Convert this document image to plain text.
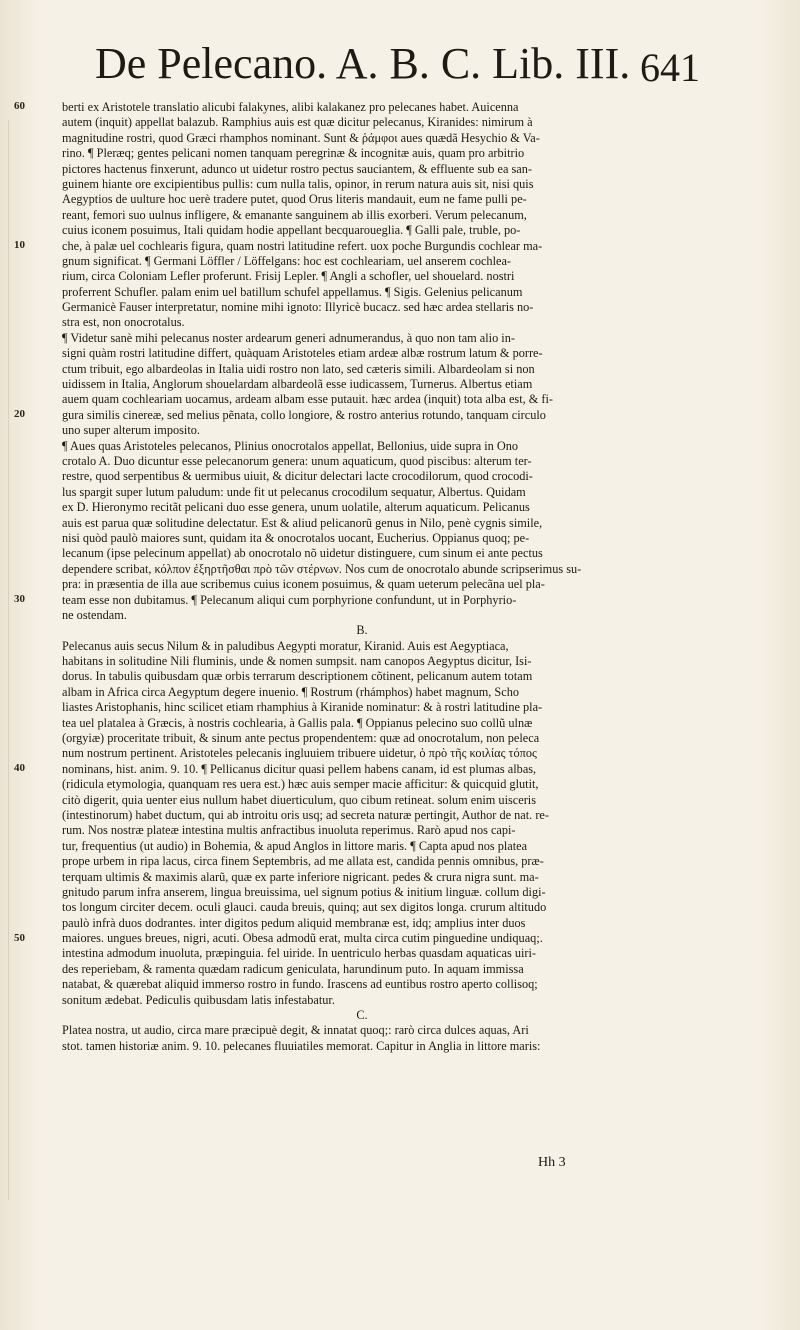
De Pelecano. A. B. C. Lib. III. 641
berti ex Aristotele translatio alicubi falakynes, alibi kalakanez pro pelecanes habet. Auicenna
autem (inquit) appellat balazub. Ramphius auis est quæ dicitur pelecanus, Kiranides: nimirum à
magnitudine rostri, quod Græci rhamphos nominant. Sunt & ῥάμφοι aues quædã Hesychio & Va-
rino. ¶ Pleræq; gentes pelicani nomen tanquam peregrinæ & incognitæ auis, quam pro arbitrio
pictores hactenus finxerunt, adunco ut uidetur rostro pectus sauciantem, & effluente sub ea san-
guinem hiante ore excipientibus pullis: cum nulla talis, opinor, in rerum natura auis sit, nisi quis
Aegyptios de uulture hoc uerè tradere putet, quod Orus literis mandauit, eum ne fame pulli pe-
reant, femori suo uulnus infligere, & emanante sanguinem ab illis exorberi. Verum pelecanum,
cuius iconem posuimus, Itali quidam hodie appellant becquaroueglia. ¶ Galli pale, truble, po-
che, à palæ uel cochlearis figura, quam nostri latitudine refert. uox poche Burgundis cochlear ma-
gnum significat. ¶ Germani Löffler / Löffelgans: hoc est cochleariam, uel anserem cochlea-
rium, circa Coloniam Lefler proferunt. Frisij Lepler. ¶ Angli a schofler, uel shouelard. nostri
proferrent Schufler. palam enim uel batillum schufel appellamus. ¶ Sigis. Gelenius pelicanum
Germanicè Fauser interpretatur, nomine mihi ignoto: Illyricè bucacz. sed hæc ardea stellaris no-
stra est, non onocrotalus.
¶ Videtur sanè mihi pelecanus noster ardearum generi adnumerandus, à quo non tam alio in-
signi quàm rostri latitudine differt, quàquam Aristoteles etiam ardeæ albæ rostrum latum & porre-
ctum tribuit, ego albardeolas in Italia uidi rostro non lato, sed cæteris simili. Albardeolam si non
uidissem in Italia, Anglorum shouelardam albardeolã esse iudicassem, Turnerus. Albertus etiam
auem quam cochleariam uocamus, ardeam albam esse putauit. hæc ardea (inquit) tota alba est, & fi-
gura similis cinereæ, sed melius pẽnata, collo longiore, & rostro anterius rotundo, tanquam circulo
uno super alterum imposito.
¶ Aues quas Aristoteles pelecanos, Plinius onocrotalos appellat, Bellonius, uide supra in Ono
crotalo A. Duo dicuntur esse pelecanorum genera: unum aquaticum, quod piscibus: alterum ter-
restre, quod serpentibus & uermibus uiuit, & dicitur delectari lacte crocodilorum, quod crocodi-
lus spargit super lutum paludum: unde fit ut pelecanus crocodilum sequatur, Albertus. Quidam
ex D. Hieronymo recitãt pelicani duo esse genera, unum uolatile, alterum aquaticum. Pelicanus
auis est parua quæ solitudine delectatur. Est & aliud pelicanorũ genus in Nilo, penè cygnis simile,
nisi quòd paulò maiores sunt, quidam ita & onocrotalos uocant, Eucherius. Oppianus quoq; pe-
lecanum (ipse pelecinum appellat) ab onocrotalo nõ uidetur distinguere, cum sinum ei ante pectus
dependere scribat, κόλπον ἐξηρτῆσθαι πρὸ τῶν στέρνων. Nos cum de onocrotalo abunde scripserimus su-
pra: in præsentia de illa aue scribemus cuius iconem posuimus, & quam ueterum pelecãna uel pla-
team esse non dubitamus. ¶ Pelecanum aliqui cum porphyrione confundunt, ut in Porphyrio-
ne ostendam.
B.
Pelecanus auis secus Nilum & in paludibus Aegypti moratur, Kiranid. Auis est Aegyptiaca,
habitans in solitudine Nili fluminis, unde & nomen sumpsit. nam canopos Aegyptus dicitur, Isi-
dorus. In tabulis quibusdam quæ orbis terrarum descriptionem cõtinent, pelicanum autem totam
albam in Africa circa Aegyptum degere inuenio. ¶ Rostrum (rhámphos) habet magnum, Scho
liastes Aristophanis, hinc scilicet etiam rhamphius à Kiranide nominatur: & à rostri latitudine pla-
tea uel platalea à Græcis, à nostris cochlearia, à Gallis pala. ¶ Oppianus pelecino suo collũ ulnæ
(orgyiæ) proceritate tribuit, & sinum ante pectus propendentem: quæ ad onocrotalum, non peleca
num nostrum pertinent. Aristoteles pelecanis ingluuiem tribuere uidetur, ὁ πρὸ τῆς κοιλίας τόπος
nominans, hist. anim. 9. 10. ¶ Pellicanus dicitur quasi pellem habens canam, id est plumas albas,
(ridicula etymologia, quanquam res uera est.) hæc auis semper macie afficitur: & quicquid glutit,
citò digerit, quia uenter eius nullum habet diuerticulum, quo cibum retineat. solum enim uisceris
(intestinorum) habet ductum, qui ab introitu oris usq; ad secreta naturæ pertingit, Author de nat. re-
rum. Nos nostræ plateæ intestina multis anfractibus inuoluta reperimus. Rarò apud nos capi-
tur, frequentius (ut audio) in Bohemia, & apud Anglos in littore maris. ¶ Capta apud nos platea
prope urbem in ripa lacus, circa finem Septembris, ad me allata est, candida pennis omnibus, præ-
terquam ultimis & maximis alarũ, quæ ex parte inferiore nigricant. pedes & crura nigra sunt. ma-
gnitudo parum infra anserem, lingua breuissima, uel signum potius & initium linguæ. collum digi-
tos longum circiter decem. oculi glauci. cauda breuis, quinq; aut sex digitos longa. crurum altitudo
paulò infrà duos dodrantes. inter digitos pedum aliquid membranæ est, idq; amplius inter duos
maiores. ungues breues, nigri, acuti. Obesa admodũ erat, multa circa cutim pinguedine undiquaq;.
intestina admodum inuoluta, præpinguia. fel uiride. In uentriculo herbas quasdam aquaticas uiri-
des reperiebam, & ramenta quædam radicum geniculata, harundinum puto. In aquam immissa
natabat, & quærebat aliquid immerso rostro in fundo. Irascens ad euntibus rostro aperto collisoq;
sonitum ædebat. Pediculis quibusdam latis infestabatur.
C.
Platea nostra, ut audio, circa mare præcipuè degit, & innatat quoq;: rarò circa dulces aquas, Ari
stot. tamen historiæ anim. 9. 10. pelecanes fluuiatiles memorat. Capitur in Anglia in littore maris:
10
20
30
40
50
60
Hh 3
